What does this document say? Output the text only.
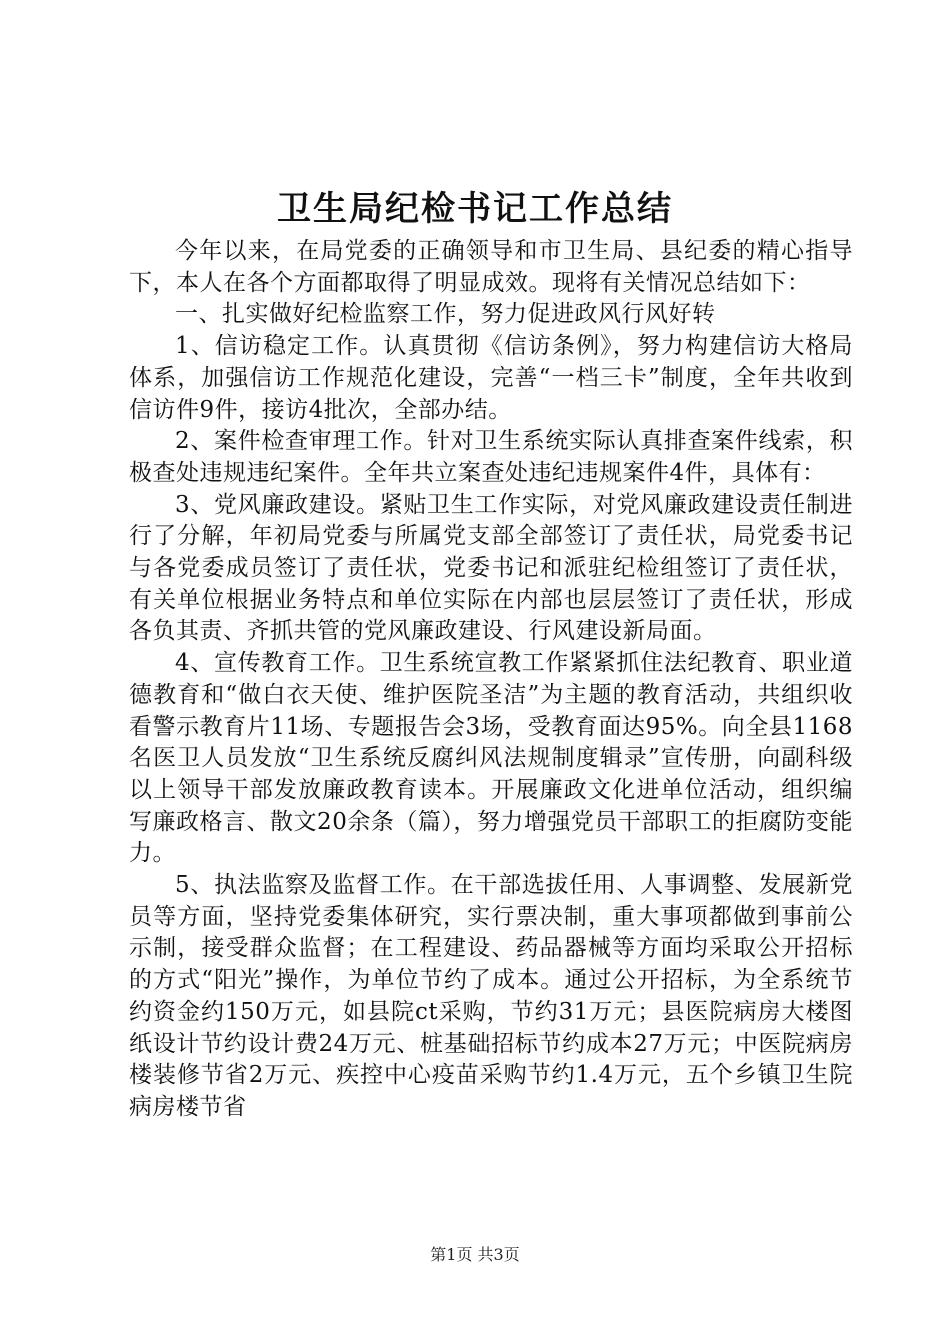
卫生局纪检书记工作总结

今年以来，在局党委的正确领导和市卫生局、县纪委的精心指导下，本人在各个方面都取得了明显成效。现将有关情况总结如下：

一、扎实做好纪检监察工作，努力促进政风行风好转

1、信访稳定工作。认真贯彻《信访条例》，努力构建信访大格局体系，加强信访工作规范化建设，完善“一档三卡”制度，全年共收到信访件9件，接访4批次，全部办结。

2、案件检查审理工作。针对卫生系统实际认真排查案件线索，积极查处违规违纪案件。全年共立案查处违纪违规案件4件，具体有：

3、党风廉政建设。紧贴卫生工作实际，对党风廉政建设责任制进行了分解，年初局党委与所属党支部全部签订了责任状，局党委书记与各党委成员签订了责任状，党委书记和派驻纪检组签订了责任状，有关单位根据业务特点和单位实际在内部也层层签订了责任状，形成各负其责、齐抓共管的党风廉政建设、行风建设新局面。

4、宣传教育工作。卫生系统宣教工作紧紧抓住法纪教育、职业道德教育和“做白衣天使、维护医院圣洁”为主题的教育活动，共组织收看警示教育片11场、专题报告会3场，受教育面达95%。向全县1168名医卫人员发放“卫生系统反腐纠风法规制度辑录”宣传册，向副科级以上领导干部发放廉政教育读本。开展廉政文化进单位活动，组织编写廉政格言、散文20余条（篇），努力增强党员干部职工的拒腐防变能力。

5、执法监察及监督工作。在干部选拔任用、人事调整、发展新党员等方面，坚持党委集体研究，实行票决制，重大事项都做到事前公示制，接受群众监督；在工程建设、药品器械等方面均采取公开招标的方式“阳光”操作，为单位节约了成本。通过公开招标，为全系统节约资金约150万元，如县院ct采购，节约31万元；县医院病房大楼图纸设计节约设计费24万元、桩基础招标节约成本27万元；中医院病房楼装修节省2万元、疾控中心疫苗采购节约1.4万元，五个乡镇卫生院病房楼节省

第1页 共3页
